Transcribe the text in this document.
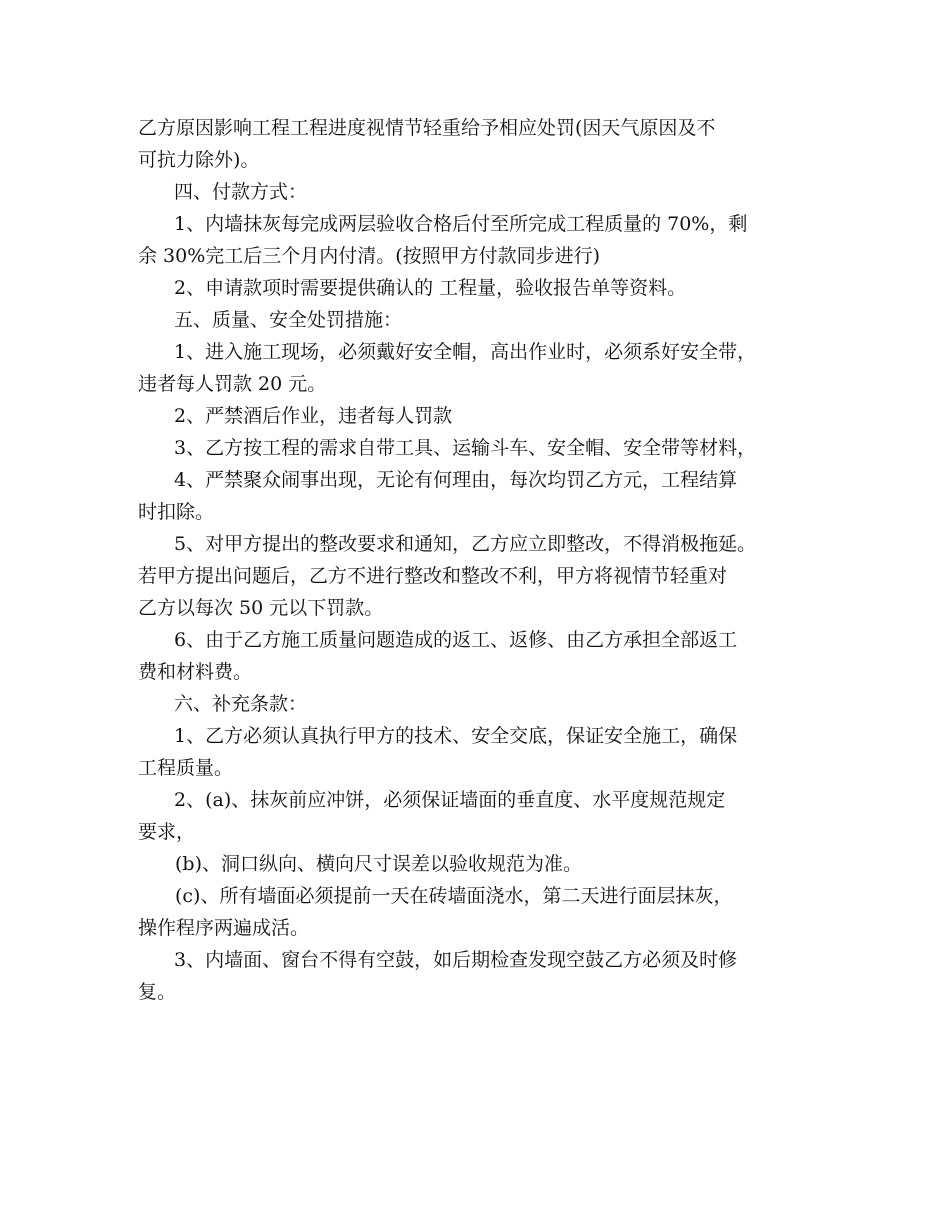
乙方原因影响工程工程进度视情节轻重给予相应处罚(因天气原因及不
可抗力除外)。
四、付款方式：
1、内墙抹灰每完成两层验收合格后付至所完成工程质量的 70%，剩
余 30%完工后三个月内付清。(按照甲方付款同步进行)
2、申请款项时需要提供确认的 工程量，验收报告单等资料。
五、质量、安全处罚措施：
1、进入施工现场，必须戴好安全帽，高出作业时，必须系好安全带，
违者每人罚款 20 元。
2、严禁酒后作业，违者每人罚款
3、乙方按工程的需求自带工具、运输斗车、安全帽、安全带等材料，
4、严禁聚众闹事出现，无论有何理由，每次均罚乙方元，工程结算
时扣除。
5、对甲方提出的整改要求和通知，乙方应立即整改，不得消极拖延。
若甲方提出问题后，乙方不进行整改和整改不利，甲方将视情节轻重对
乙方以每次 50 元以下罚款。
6、由于乙方施工质量问题造成的返工、返修、由乙方承担全部返工
费和材料费。
六、补充条款：
1、乙方必须认真执行甲方的技术、安全交底，保证安全施工，确保
工程质量。
2、(a)、抹灰前应冲饼，必须保证墙面的垂直度、水平度规范规定
要求，
(b)、洞口纵向、横向尺寸误差以验收规范为准。
(c)、所有墙面必须提前一天在砖墙面浇水，第二天进行面层抹灰，
操作程序两遍成活。
3、内墙面、窗台不得有空鼓，如后期检查发现空鼓乙方必须及时修
复。
